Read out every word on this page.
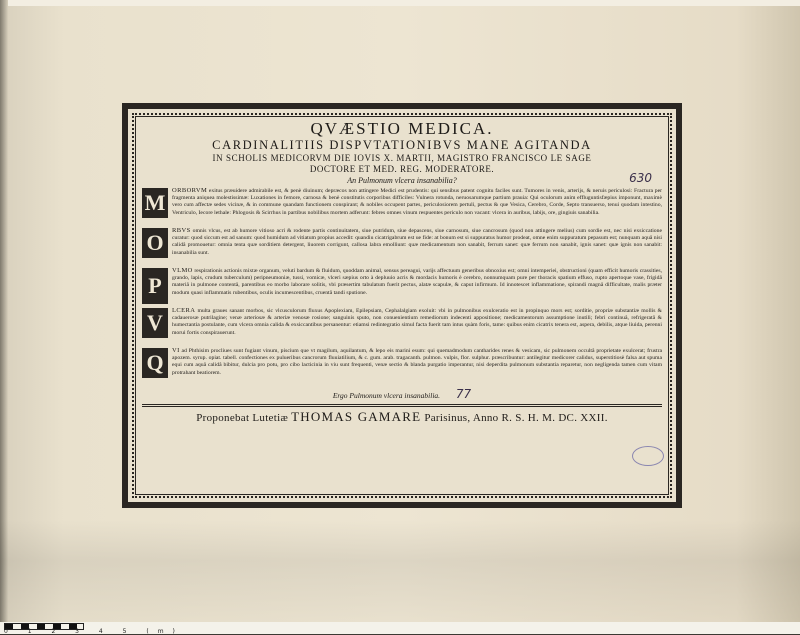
630

QVÆSTIO MEDICA.

CARDINALITIIS DISPVTATIONIBVS MANE AGITANDA

IN SCHOLIS MEDICORVM DIE IOVIS X. MARTII, MAGISTRO FRANCISCO LE SAGE

DOCTORE ET MED. REG. MODERATORE.

An Pulmonum vlcera insanabilia?

M	ORBORVM exitus præuidere admirabile est, & penè diuinum; depræcos non attingere Medici est prudentis: qui sensibus patent cognitu faciles sunt. Tumores in venis, arterijs, & neruis periculosi: Fractura per fragmenta aniquea molestissimæ: Luxationes in femore, carnosa & benè constitutis corporibus difficiles: Vulnera rotunda, neruosarumque partium prauia: Qui oculorum anim effluguntisfæpius imponunt, maximè vero cum affectæ sedes vicinæ, & in commune quandam functionem conspirant; & nobiles occupent partes, periculosiorem pertuli, pectus & que Vesica, Cerebro, Corde, Septo transuerso, tenui quodam intestino, Ventriculo, Iecore lethale: Phlogosis & Scirrhus in partibus nobilibus mortem adferunt: febres omnes vinum respuentes periculo non vacant: vlcera in auribus, labijs, ore, gingiuis sanabilia.
O	RBVS omnis vlcus, est ab humore vitioso acri & rodente partis continuitatem, siue putridum, siue depascens, siue carnosum, siue cancrosum (quod non attingere melius) cum sordie est, nec nisi exsiccatione curatur: quod siccum est ad sanum: quod humidum ad vitiatum propius accedit: quandiu cicatrigabrum est ue fide: at bonum est si suppuratus humor prodeat, omne enim suppuratum pepasum est; nunquam aquâ nisi calidâ promouetur: omnia tenta quæ sorditiem detergent, liuorem corrigunt, callosa labra emolliunt: quæ medicamentum non sanabit, ferrum sanet: quæ ferrum non sanabit, ignis sanet: quæ ignis non sanabit: insanabilia sunt.
P
VLMO respirationis actionis mixtæ organum, veluti bardum & fluidum, quoddam animal, sensus pereagui, varijs affectuum generibus obnoxius est; omni intemperiei, obstructioni (quam efficit humoris crassities, grando, lapis, crudum tuberculum) peripneumoniæ, tussi, vomicæ, vlceri sæpius orto à depluuio acris & mordacis humoris è cerebro, nonnumquam pure per thoracis spatium effuso, rupto apertoque vase, frigidâ materiâ in pulmone contentâ, parentibus eo morbo laborare solitis, vbi præsertim tabulatum fuerit pectus, alatæ scapulæ, & caput infirmum. Id innotescet inflammatione, spirandi magnâ difficultate, malis præter modum quasi inflammatis rubentibus, oculis incumescentibus, cruentâ tandi sputione.
V	LCERA multa graues sanant morbos, sic vlcusculorum fluxus Apoplexiam, Epilepsiam, Cephalalgiam exoluit: vbi in pulmonibus exulceratio est in propinquo mors est; sorditie, propriæ substantiæ mollis & cadauerosæ putrilagine; venæ arteriosæ & arteriæ venosæ rosione; sanguinis sputo, non conuenientium remediorum indecenti appositione; medicamentorum assumptione inutili; febri continuâ, refrigeratâ & humectantia postulante, cum vlcera omnia calida & exsiccantibus persanentur: etiamsi redintegratio simul facta fuerit tam intus quàm foris, tame: quibus enim cicatrix tenera est, aspera, debilis, atque liuida, perenni morui fortis conspirauerunt.
Q	VI ad Phthisim procliues sunt fugiant vinum, piscium que vt magilum, aquilantum, & lepo eis marini esum: qui quemadmodum cantharides renes & vesicam, sic pulmonem occultâ proprietate exulcerat; frustra apozem. syrup. opiat. tabell. confectiones ex pulueribus cancrorum fluuiatilium, & c. gum. arab. tragacanth. pulmon. vulpis, flor. sulphur. præscribuntur: antilegitur medicorer calidus, superstitiosè falsa aut spuma equi cum aquâ calidâ bibitur, dulcia pro potu, pro cibo lacticinia in viu sunt frequenti, venæ sectio & blanda purgatio imperantur, nisi deperdita pulmonum substantia reparetur, non negligenda tamen cum vitam protrahant beatiorem.
Ergo Pulmonum vlcera insanabilia. 77
Proponebat Lutetiæ THOMAS GAMARE Parisinus, Anno R. S. H. M. DC. XXII.
0 1 2 3 4 5 (m)
